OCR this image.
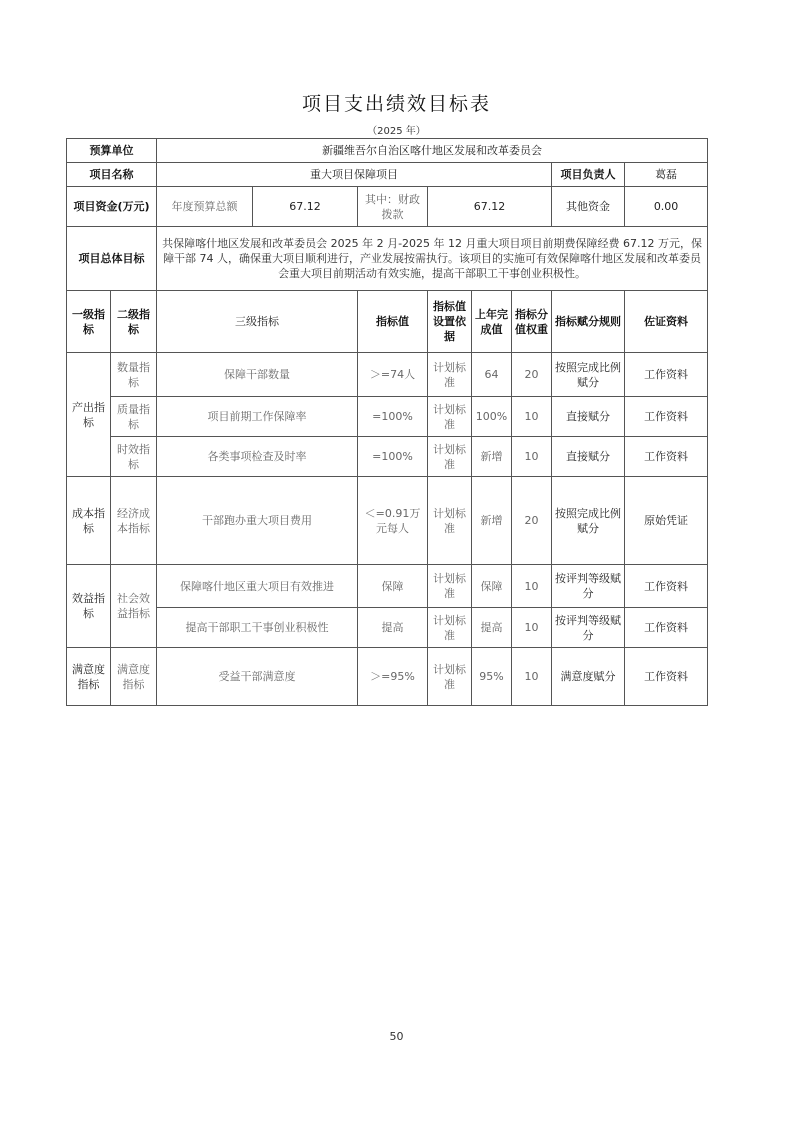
项目支出绩效目标表
（2025 年）
预算单位		新疆维吾尔自治区喀什地区发展和改革委员会							
项目名称		重大项目保障项目						项目负责人	葛磊
项目资金(万元)		年度预算总额	67.12	其中：财政拨款	67.12			其他资金	0.00
项目总体目标		共保障喀什地区发展和改革委员会 2025 年 2 月-2025 年 12 月重大项目项目前期费保障经费 67.12 万元，保障干部 74 人，确保重大项目顺利进行，产业发展按需执行。该项目的实施可有效保障喀什地区发展和改革委员会重大项目前期活动有效实施，提高干部职工干事创业积极性。							
一级指标	二级指标	三级指标		指标值	指标值设置依据	上年完成值	指标分值权重	指标赋分规则	佐证资料
产出指标	数量指标	保障干部数量		＞=74人	计划标准	64	20	按照完成比例赋分	工作资料
	质量指标	项目前期工作保障率		=100%	计划标准	100%	10	直接赋分	工作资料
	时效指标	各类事项检查及时率		=100%	计划标准	新增	10	直接赋分	工作资料
成本指标	经济成本指标	干部跑办重大项目费用		＜=0.91万元每人	计划标准	新增	20	按照完成比例赋分	原始凭证
效益指标	社会效益指标	保障喀什地区重大项目有效推进		保障	计划标准	保障	10	按评判等级赋分	工作资料
		提高干部职工干事创业积极性		提高	计划标准	提高	10	按评判等级赋分	工作资料
满意度指标	满意度指标	受益干部满意度		＞=95%	计划标准	95%	10	满意度赋分	工作资料
50
